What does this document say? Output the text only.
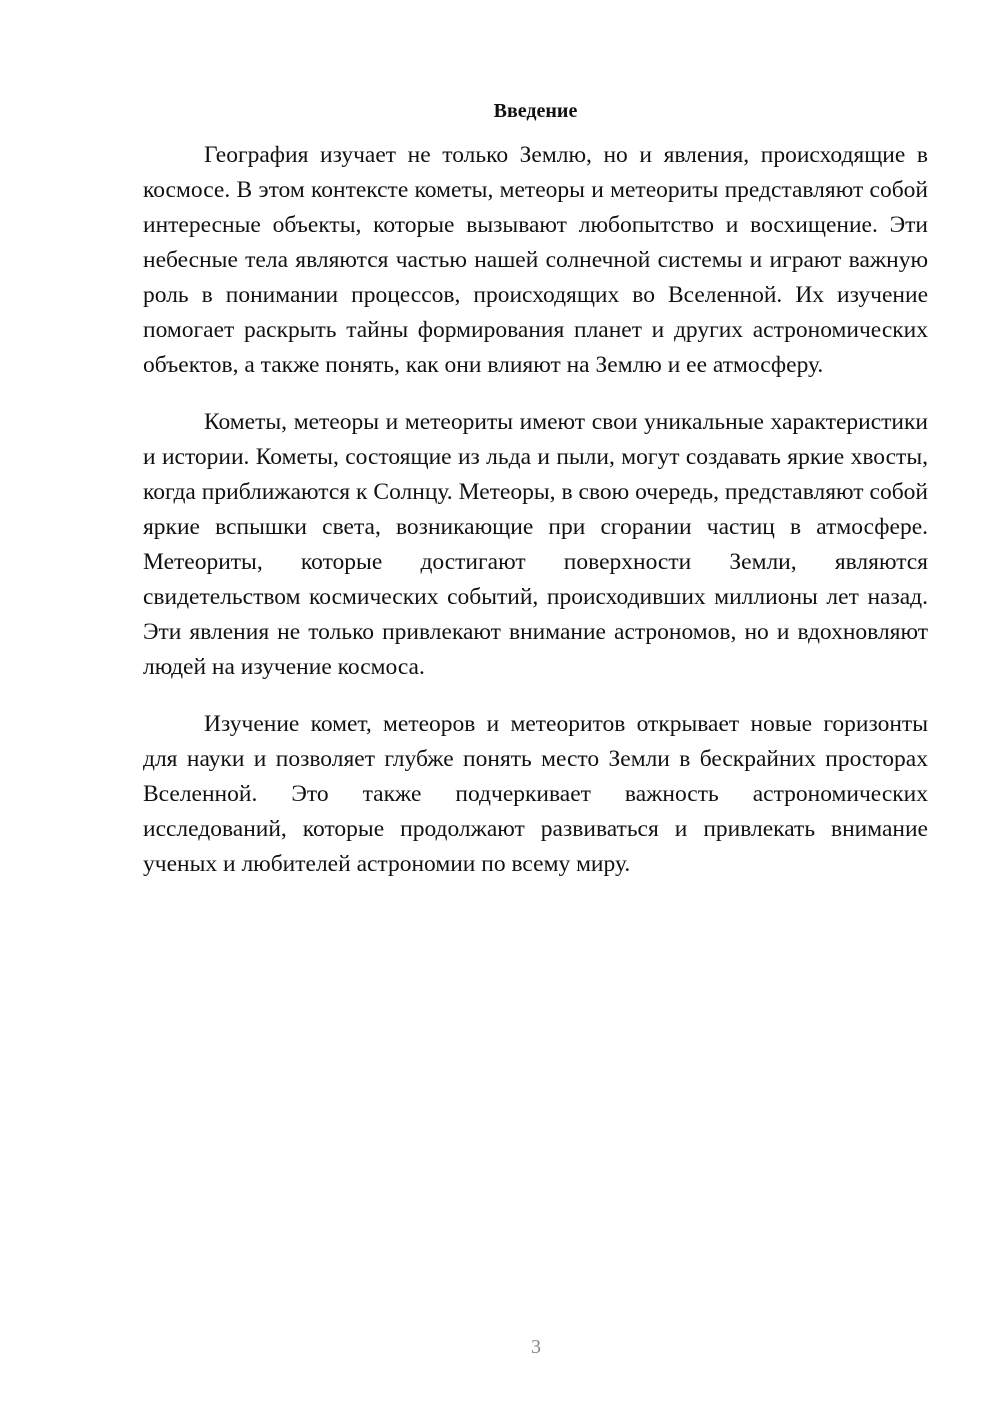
Введение

География изучает не только Землю, но и явления, происходящие в космосе. В этом контексте кометы, метеоры и метеориты представляют собой интересные объекты, которые вызывают любопытство и восхищение. Эти небесные тела являются частью нашей солнечной системы и играют важную роль в понимании процессов, происходящих во Вселенной. Их изучение помогает раскрыть тайны формирования планет и других астрономических объектов, а также понять, как они влияют на Землю и ее атмосферу.

Кометы, метеоры и метеориты имеют свои уникальные характеристики и истории. Кометы, состоящие из льда и пыли, могут создавать яркие хвосты, когда приближаются к Солнцу. Метеоры, в свою очередь, представляют собой яркие вспышки света, возникающие при сгорании частиц в атмосфере. Метеориты, которые достигают поверхности Земли, являются свидетельством космических событий, происходивших миллионы лет назад. Эти явления не только привлекают внимание астрономов, но и вдохновляют людей на изучение космоса.

Изучение комет, метеоров и метеоритов открывает новые горизонты для науки и позволяет глубже понять место Земли в бескрайних просторах Вселенной. Это также подчеркивает важность астрономических исследований, которые продолжают развиваться и привлекать внимание ученых и любителей астрономии по всему миру.

3
